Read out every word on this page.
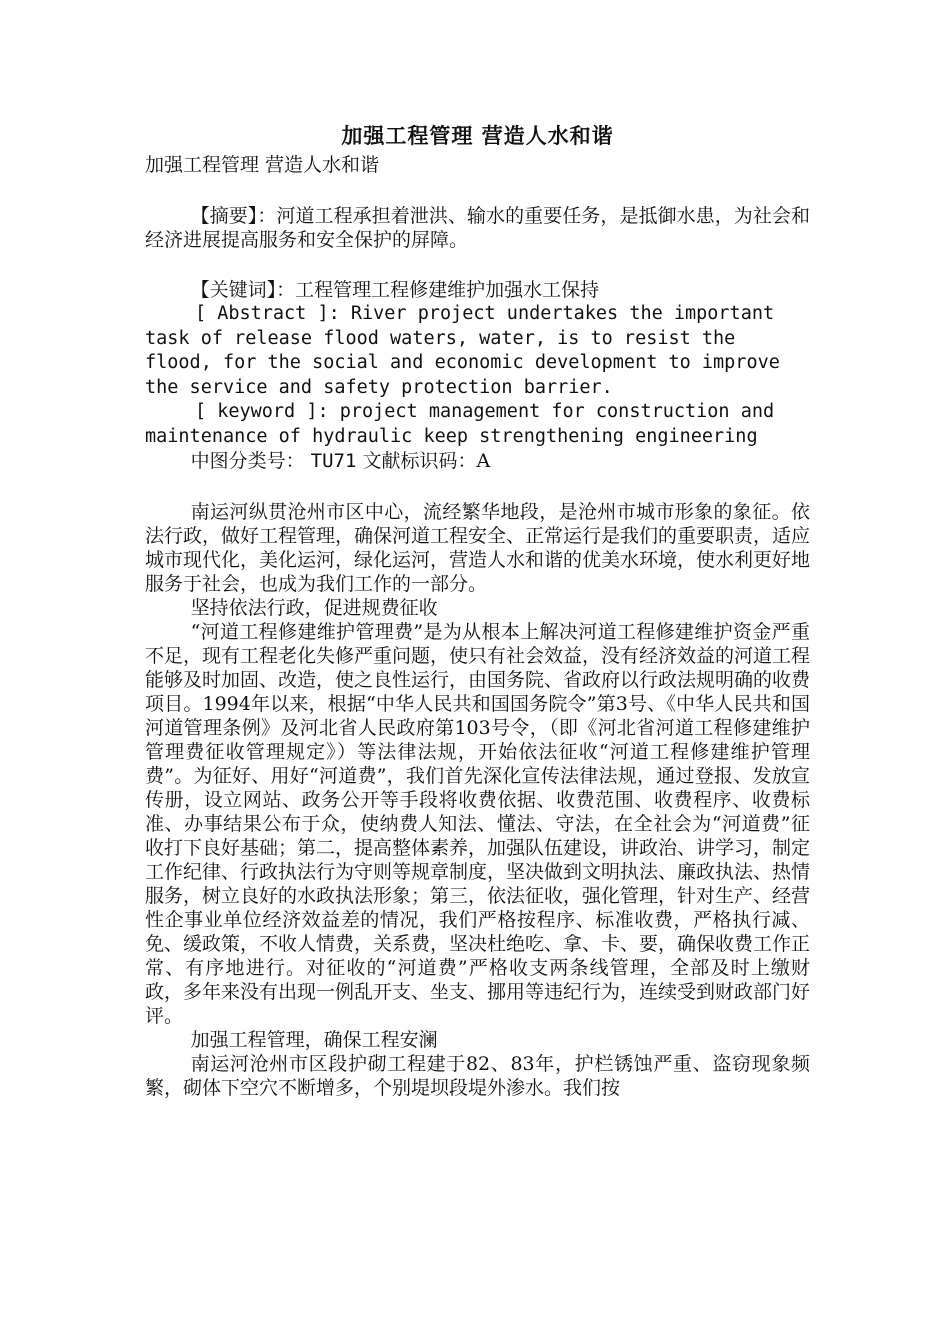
加强工程管理 营造人水和谐

加强工程管理 营造人水和谐

【摘要】：河道工程承担着泄洪、输水的重要任务，是抵御水患，为社会和经济进展提高服务和安全保护的屏障。

【关键词】：工程管理工程修建维护加强水工保持

[ Abstract ]: River project undertakes the important task of release flood waters, water, is to resist the flood, for the social and economic development to improve the service and safety protection barrier.

[ keyword ]: project management for construction and maintenance of hydraulic keep strengthening engineering

中图分类号： TU71 文献标识码：A

南运河纵贯沧州市区中心，流经繁华地段，是沧州市城市形象的象征。依法行政，做好工程管理，确保河道工程安全、正常运行是我们的重要职责，适应城市现代化，美化运河，绿化运河，营造人水和谐的优美水环境，使水利更好地服务于社会，也成为我们工作的一部分。

坚持依法行政，促进规费征收

“河道工程修建维护管理费”是为从根本上解决河道工程修建维护资金严重不足，现有工程老化失修严重问题，使只有社会效益，没有经济效益的河道工程能够及时加固、改造，使之良性运行，由国务院、省政府以行政法规明确的收费项目。1994年以来，根据“中华人民共和国国务院令”第3号、《中华人民共和国河道管理条例》及河北省人民政府第103号令，（即《河北省河道工程修建维护管理费征收管理规定》）等法律法规，开始依法征收“河道工程修建维护管理费”。为征好、用好“河道费”，我们首先深化宣传法律法规，通过登报、发放宣传册，设立网站、政务公开等手段将收费依据、收费范围、收费程序、收费标准、办事结果公布于众，使纳费人知法、懂法、守法，在全社会为“河道费”征收打下良好基础；第二，提高整体素养，加强队伍建设，讲政治、讲学习，制定工作纪律、行政执法行为守则等规章制度，坚决做到文明执法、廉政执法、热情服务，树立良好的水政执法形象；第三，依法征收，强化管理，针对生产、经营性企事业单位经济效益差的情况，我们严格按程序、标准收费，严格执行减、免、缓政策，不收人情费，关系费，坚决杜绝吃、拿、卡、要，确保收费工作正常、有序地进行。对征收的“河道费”严格收支两条线管理，全部及时上缴财政，多年来没有出现一例乱开支、坐支、挪用等违纪行为，连续受到财政部门好评。

加强工程管理，确保工程安澜

南运河沧州市区段护砌工程建于82、83年，护栏锈蚀严重、盗窃现象频繁，砌体下空穴不断增多，个别堤坝段堤外渗水。我们按
